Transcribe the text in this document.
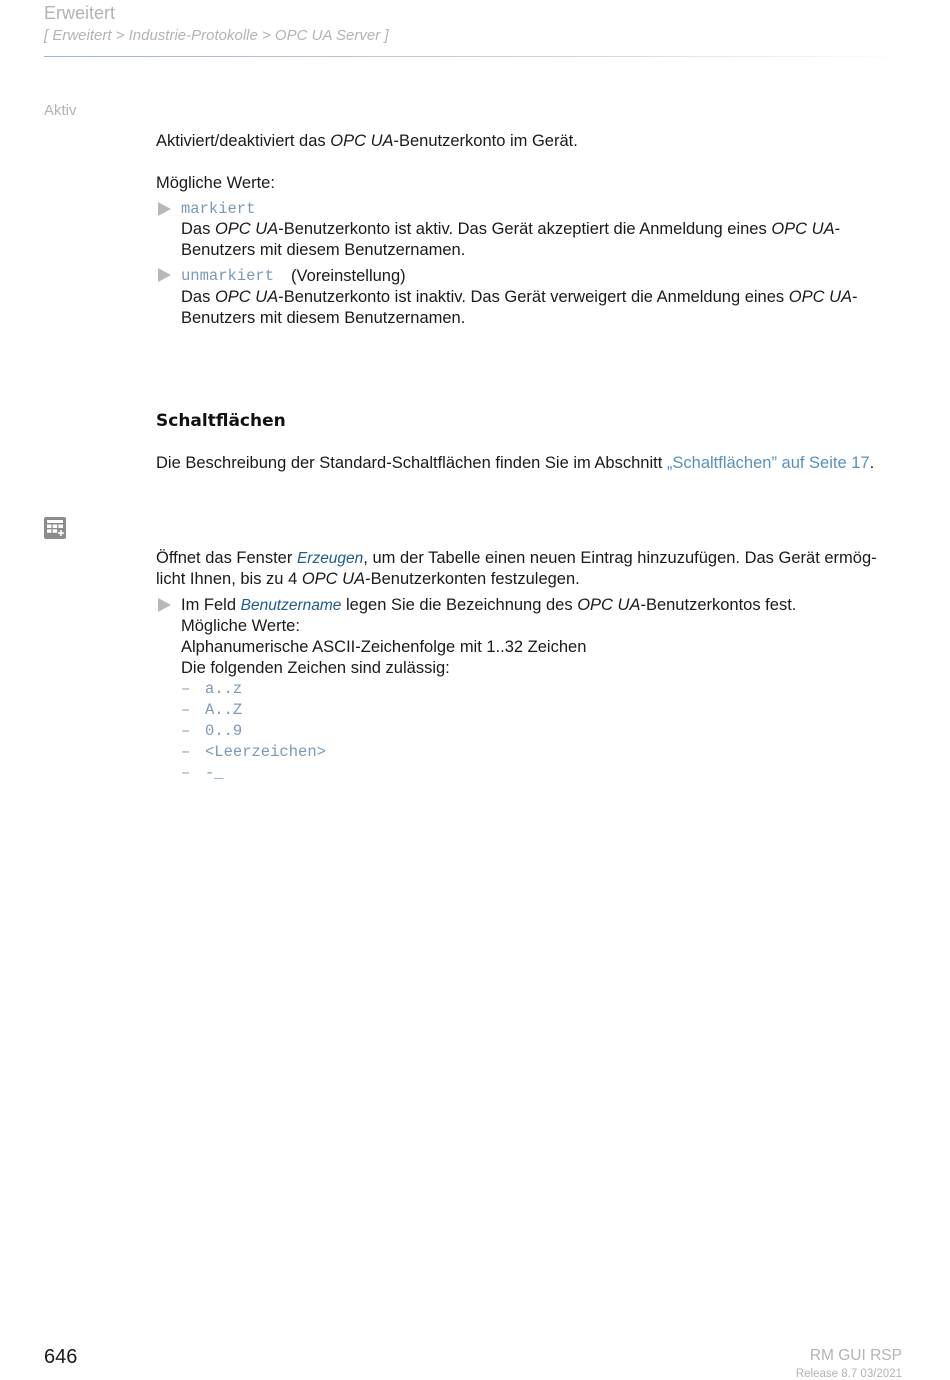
Erweitert
[ Erweitert > Industrie-Protokolle > OPC UA Server ]
Aktiv
Aktiviert/deaktiviert das OPC UA-Benutzerkonto im Gerät.
Mögliche Werte:
markiert
Das OPC UA-Benutzerkonto ist aktiv. Das Gerät akzeptiert die Anmeldung eines OPC UA-
Benutzers mit diesem Benutzernamen.
unmarkiert (Voreinstellung)
Das OPC UA-Benutzerkonto ist inaktiv. Das Gerät verweigert die Anmeldung eines OPC UA-
Benutzers mit diesem Benutzernamen.
Schaltflächen
Die Beschreibung der Standard-Schaltflächen finden Sie im Abschnitt „Schaltflächen” auf Seite 17.
Öffnet das Fenster Erzeugen, um der Tabelle einen neuen Eintrag hinzuzufügen. Das Gerät ermög-
licht Ihnen, bis zu 4 OPC UA-Benutzerkonten festzulegen.
Im Feld Benutzername legen Sie die Bezeichnung des OPC UA-Benutzerkontos fest.
Mögliche Werte:
Alphanumerische ASCII-Zeichenfolge mit 1..32 Zeichen
Die folgenden Zeichen sind zulässig:
– a..z
– A..Z
– 0..9
– <Leerzeichen>
– -_
646	RM GUI RSP
Release 8.7 03/2021
